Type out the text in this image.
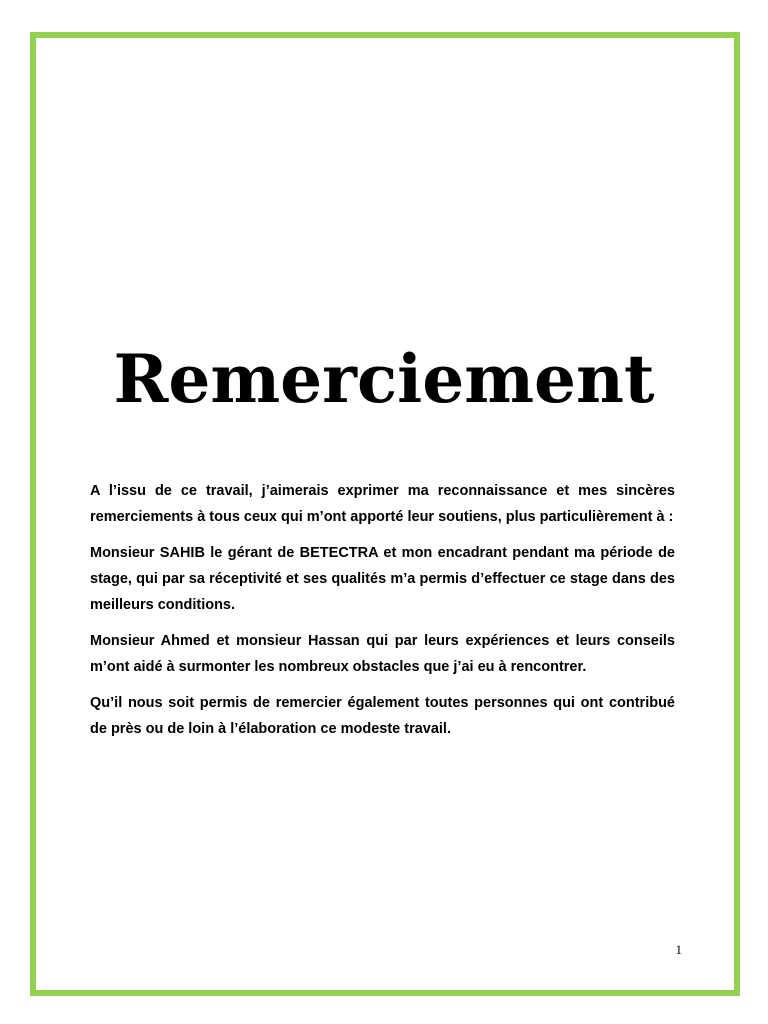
Remerciement

A l’issu de ce travail, j’aimerais exprimer ma reconnaissance et mes sincères remerciements à tous ceux qui m’ont apporté leur soutiens, plus particulièrement à :

Monsieur SAHIB le gérant de BETECTRA et mon encadrant pendant ma période de stage, qui par sa réceptivité et ses qualités m’a permis d’effectuer ce stage dans des meilleurs conditions.

Monsieur Ahmed et monsieur Hassan qui par leurs expériences et leurs conseils m’ont aidé à surmonter les nombreux obstacles que j’ai eu à rencontrer.

Qu’il nous soit permis de remercier également toutes personnes qui ont contribué de près ou de loin à l’élaboration ce modeste travail.

1
